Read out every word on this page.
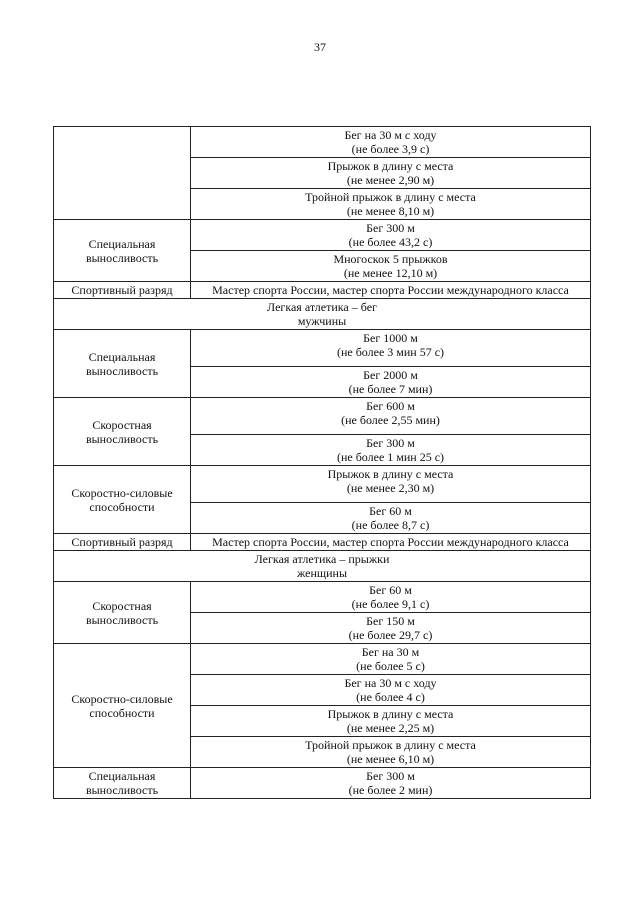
37

	Бег на 30 м с ходу
(не более 3,9 с)

	Прыжок в длину с места
(не менее 2,90 м)

	Тройной прыжок в длину с места
(не менее 8,10 м)

Специальная выносливость	Бег 300 м
(не более 43,2 с)

	Многоскок 5 прыжков
(не менее 12,10 м)

Спортивный разряд	Мастер спорта России, мастер спорта России международного класса

Легкая атлетика – бег
мужчины	

Специальная выносливость	Бег 1000 м
(не более 3 мин 57 с)

	Бег 2000 м
(не более 7 мин)

Скоростная выносливость	Бег 600 м
(не более 2,55 мин)

	Бег 300 м
(не более 1 мин 25 с)

Скоростно-силовые способности	Прыжок в длину с места
(не менее 2,30 м)

	Бег 60 м
(не более 8,7 с)

Спортивный разряд	Мастер спорта России, мастер спорта России международного класса

Легкая атлетика – прыжки
женщины	

Скоростная выносливость	Бег 60 м
(не более 9,1 с)

	Бег 150 м
(не более 29,7 с)

Скоростно-силовые способности	Бег на 30 м
(не более 5 с)

	Бег на 30 м с ходу
(не более 4 с)

	Прыжок в длину с места
(не менее 2,25 м)

	Тройной прыжок в длину с места
(не менее 6,10 м)

Специальная выносливость	Бег 300 м
(не более 2 мин)
